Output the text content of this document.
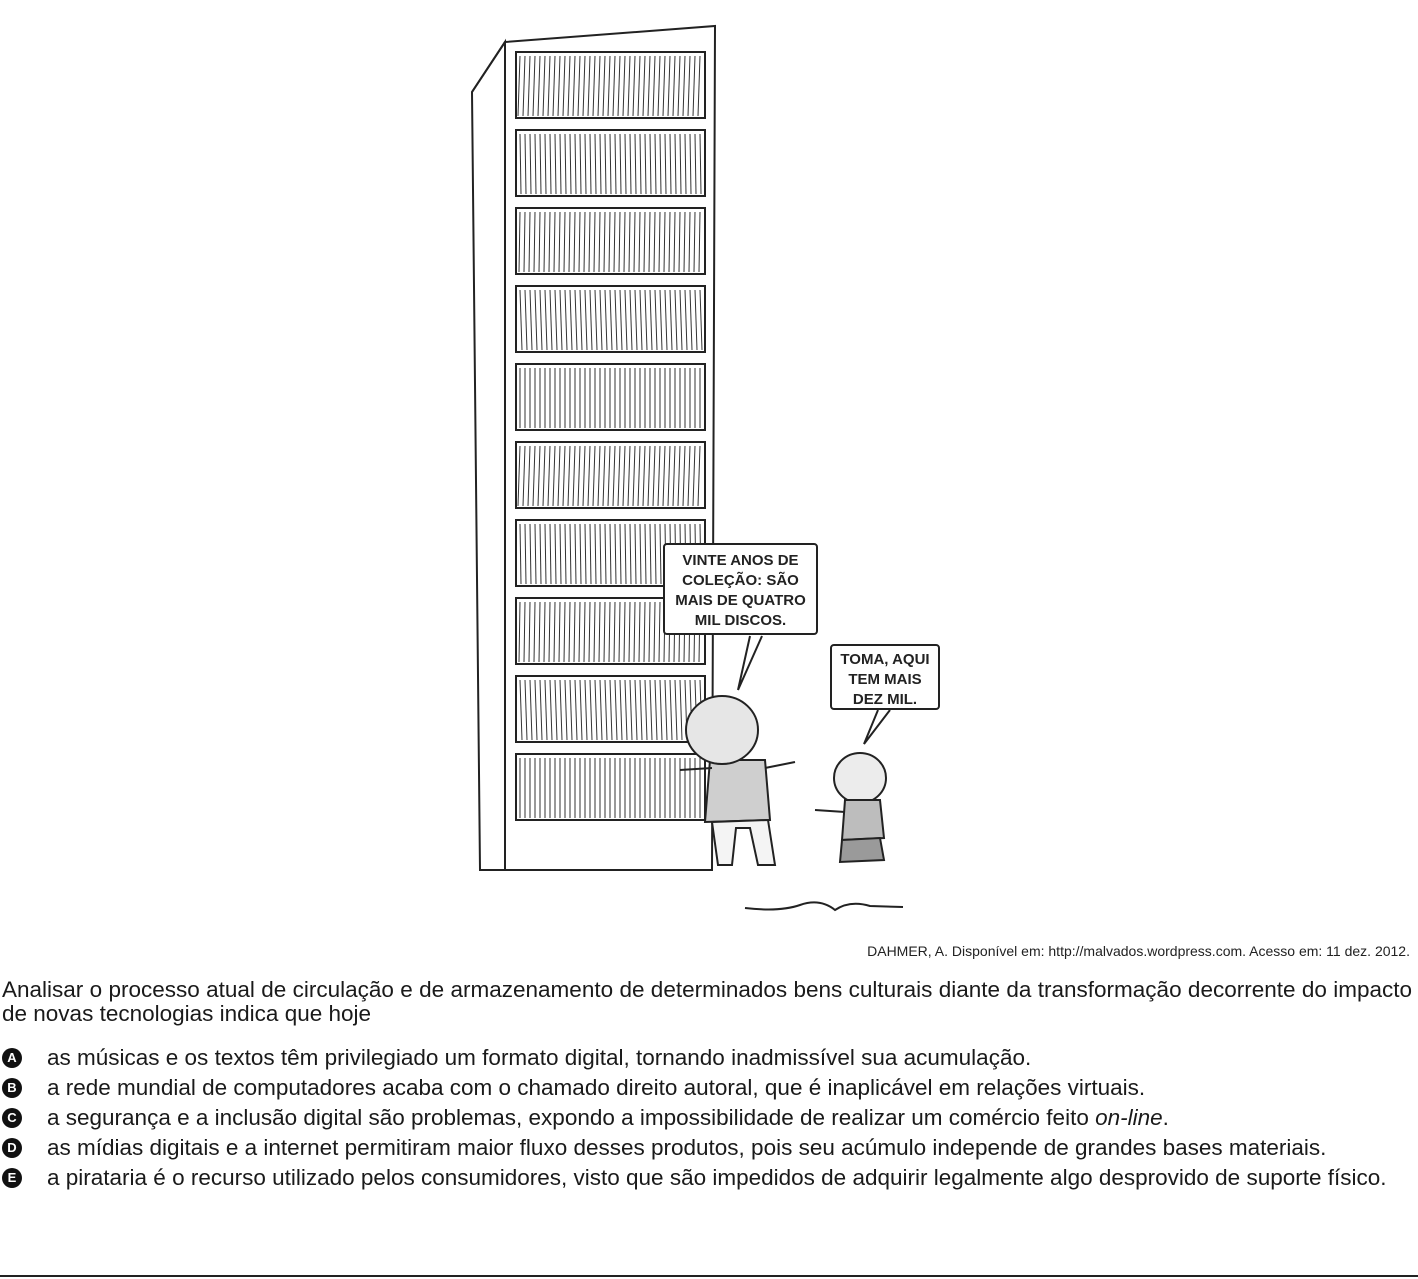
VINTE ANOS DE
COLEÇÃO: SÃO
MAIS DE QUATRO
MIL DISCOS.
TOMA, AQUI
TEM MAIS
DEZ MIL.
DAHMER, A. Disponível em: http://malvados.wordpress.com. Acesso em: 11 dez. 2012.
Analisar o processo atual de circulação e de armazenamento de determinados bens culturais diante da transformação decorrente do impacto de novas tecnologias indica que hoje
A as músicas e os textos têm privilegiado um formato digital, tornando inadmissível sua acumulação.
B a rede mundial de computadores acaba com o chamado direito autoral, que é inaplicável em relações virtuais.
C a segurança e a inclusão digital são problemas, expondo a impossibilidade de realizar um comércio feito on-line.
D as mídias digitais e a internet permitiram maior fluxo desses produtos, pois seu acúmulo independe de grandes bases materiais.
E a pirataria é o recurso utilizado pelos consumidores, visto que são impedidos de adquirir legalmente algo desprovido de suporte físico.
